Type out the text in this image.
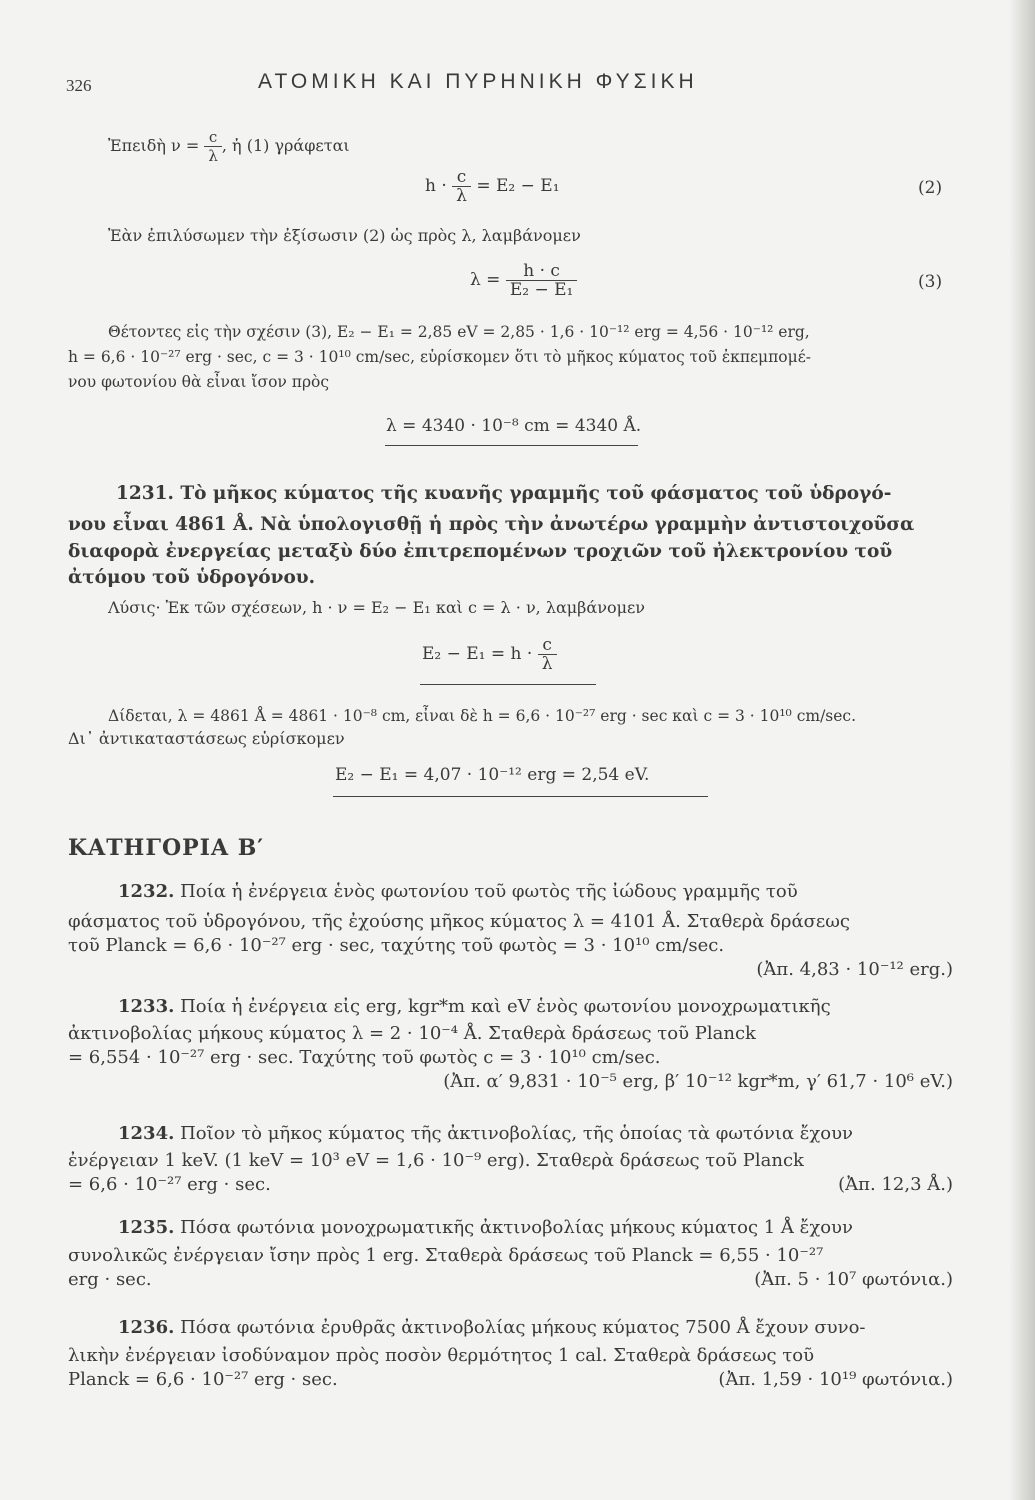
326	ΑΤΟΜΙΚΗ ΚΑΙ ΠΥΡΗΝΙΚΗ ΦΥΣΙΚΗ
Ἐπειδὴ $\nu = \frac{c}{\lambda}$ , ἡ (1) γράφεται
$h \cdot \frac{c}{\lambda} = E_2 - E_1$	(2)
Ἐὰν ἐπιλύσωμεν τὴν ἐξίσωσιν (2) ὡς πρὸς λ, λαμβάνομεν
$\lambda = \frac{h \cdot c}{\text{E₂ − E₁}}$	(3)
Θέτοντες εἰς τὴν σχέσιν (3), E₂ − E₁ = 2,85 eV = 2,85 · 1,6 · 10⁻¹² erg = 4,56 · 10⁻¹² erg,
h = 6,6 · 10⁻²⁷ erg · sec, c = 3 · 10¹⁰ cm/sec, εὑρίσκομεν ὅτι τὸ μῆκος κύματος τοῦ ἐκπεμπομέ-
νου φωτονίου θὰ εἶναι ἴσον πρὸς
λ = 4340 · 10⁻⁸ cm = 4340 Å.
1231. Τὸ μῆκος κύματος τῆς κυανῆς γραμμῆς τοῦ φάσματος τοῦ ὑδρογό-
νου εἶναι 4861 Å. Νὰ ὑπολογισθῇ ἡ πρὸς τὴν ἀνωτέρω γραμμὴν ἀντιστοιχοῦσα
διαφορὰ ἐνεργείας μεταξὺ δύο ἐπιτρεπομένων τροχιῶν τοῦ ἠλεκτρονίου τοῦ
ἀτόμου τοῦ ὑδρογόνου.
Λύσις· Ἐκ τῶν σχέσεων, h · ν = E₂ − E₁ καὶ c = λ · ν, λαμβάνομεν
$E_2 - E_1 = h \cdot \frac{c}{\lambda}$
Δίδεται, λ = 4861 Å = 4861 · 10⁻⁸ cm, εἶναι δὲ h = 6,6 · 10⁻²⁷ erg · sec καὶ c = 3 · 10¹⁰ cm/sec.
Δι᾽ ἀντικαταστάσεως εὑρίσκομεν
E₂ − E₁ = 4,07 · 10⁻¹² erg = 2,54 eV.
ΚΑΤΗΓΟΡΙΑ Β′
1232. Ποία ἡ ἐνέργεια ἑνὸς φωτονίου τοῦ φωτὸς τῆς ἰώδους γραμμῆς τοῦ
φάσματος τοῦ ὑδρογόνου, τῆς ἐχούσης μῆκος κύματος λ = 4101 Å. Σταθερὰ δράσεως
τοῦ Planck = 6,6 · 10⁻²⁷ erg · sec, ταχύτης τοῦ φωτὸς = 3 · 10¹⁰ cm/sec.
(Ἀπ. 4,83 · 10⁻¹² erg.)
1233. Ποία ἡ ἐνέργεια εἰς erg, kgr*m καὶ eV ἑνὸς φωτονίου μονοχρωματικῆς
ἀκτινοβολίας μήκους κύματος λ = 2 · 10⁻⁴ Å. Σταθερὰ δράσεως τοῦ Planck
= 6,554 · 10⁻²⁷ erg · sec. Ταχύτης τοῦ φωτὸς c = 3 · 10¹⁰ cm/sec.
(Ἀπ. α′ 9,831 · 10⁻⁵ erg, β′ 10⁻¹² kgr*m, γ′ 61,7 · 10⁶ eV.)
1234. Ποῖον τὸ μῆκος κύματος τῆς ἀκτινοβολίας, τῆς ὁποίας τὰ φωτόνια ἔχουν
ἐνέργειαν 1 keV. (1 keV = 10³ eV = 1,6 · 10⁻⁹ erg). Σταθερὰ δράσεως τοῦ Planck
= 6,6 · 10⁻²⁷ erg · sec.	(Ἀπ. 12,3 Å.)
1235. Πόσα φωτόνια μονοχρωματικῆς ἀκτινοβολίας μήκους κύματος 1 Å ἔχουν
συνολικῶς ἐνέργειαν ἴσην πρὸς 1 erg. Σταθερὰ δράσεως τοῦ Planck = 6,55 · 10⁻²⁷
erg · sec.	(Ἀπ. 5 · 10⁷ φωτόνια.)
1236. Πόσα φωτόνια ἐρυθρᾶς ἀκτινοβολίας μήκους κύματος 7500 Å ἔχουν συνο-
λικὴν ἐνέργειαν ἰσοδύναμον πρὸς ποσὸν θερμότητος 1 cal. Σταθερὰ δράσεως τοῦ
Planck = 6,6 · 10⁻²⁷ erg · sec.	(Ἀπ. 1,59 · 10¹⁹ φωτόνια.)
